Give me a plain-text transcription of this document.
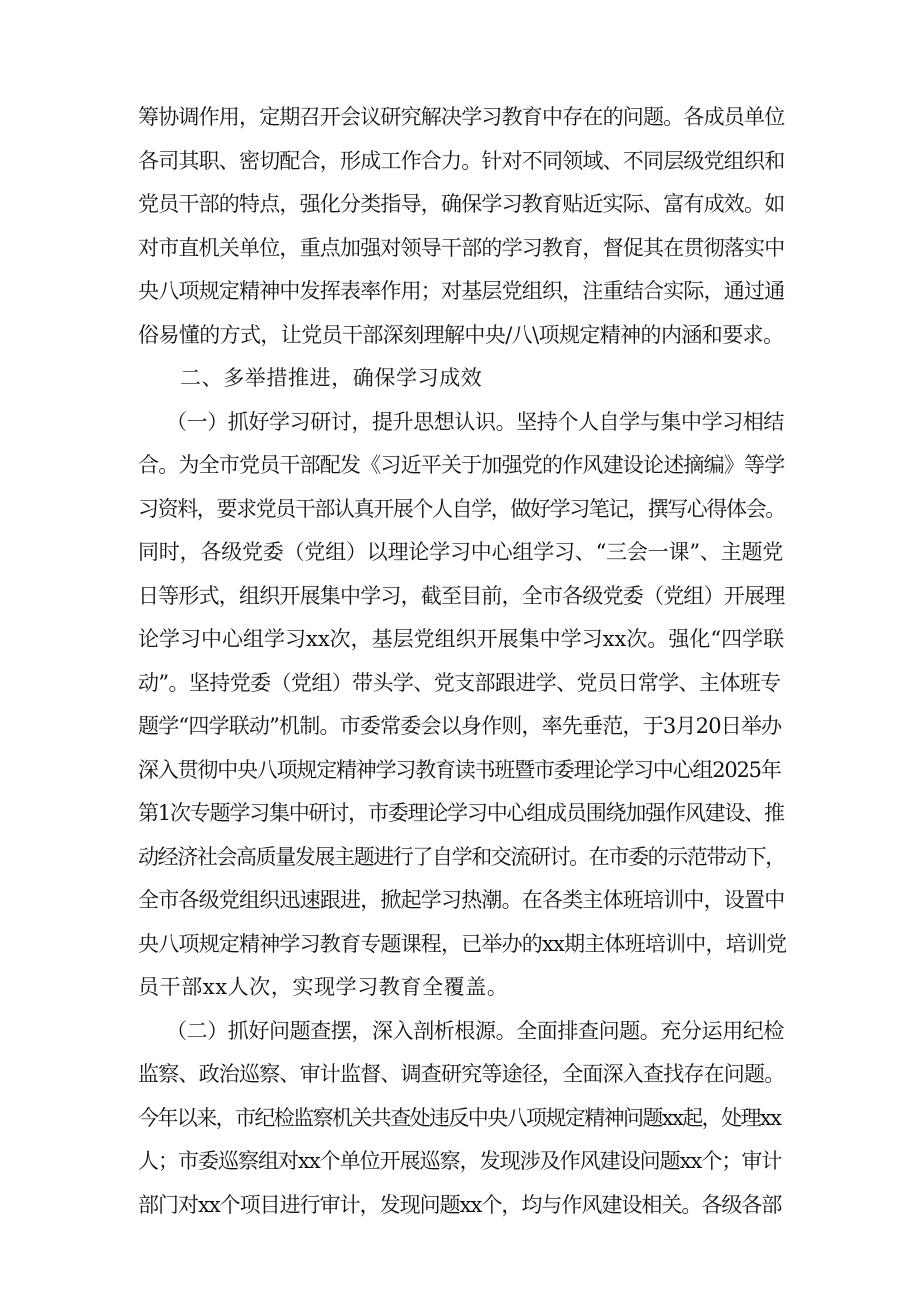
筹协调作用，定期召开会议研究解决学习教育中存在的问题。各成员单位

各司其职、密切配合，形成工作合力。针对不同领域、不同层级党组织和

党员干部的特点，强化分类指导，确保学习教育贴近实际、富有成效。如

对市直机关单位，重点加强对领导干部的学习教育，督促其在贯彻落实中

央八项规定精神中发挥表率作用；对基层党组织，注重结合实际，通过通

俗易懂的方式，让党员干部深刻理解中央/八\项规定精神的内涵和要求。

二、多举措推进，确保学习成效

（一）抓好学习研讨，提升思想认识。坚持个人自学与集中学习相结

合。为全市党员干部配发《习近平关于加强党的作风建设论述摘编》等学

习资料，要求党员干部认真开展个人自学，做好学习笔记，撰写心得体会。

同时，各级党委（党组）以理论学习中心组学习、“三会一课”、主题党

日等形式，组织开展集中学习，截至目前，全市各级党委（党组）开展理

论学习中心组学习xx次，基层党组织开展集中学习xx次。强化“四学联

动”。坚持党委（党组）带头学、党支部跟进学、党员日常学、主体班专

题学“四学联动”机制。市委常委会以身作则，率先垂范，于3月20日举办

深入贯彻中央八项规定精神学习教育读书班暨市委理论学习中心组2025年

第1次专题学习集中研讨，市委理论学习中心组成员围绕加强作风建设、推

动经济社会高质量发展主题进行了自学和交流研讨。在市委的示范带动下，

全市各级党组织迅速跟进，掀起学习热潮。在各类主体班培训中，设置中

央八项规定精神学习教育专题课程，已举办的xx期主体班培训中，培训党

员干部xx人次，实现学习教育全覆盖。

（二）抓好问题查摆，深入剖析根源。全面排查问题。充分运用纪检

监察、政治巡察、审计监督、调查研究等途径，全面深入查找存在问题。

今年以来，市纪检监察机关共查处违反中央八项规定精神问题xx起，处理xx

人；市委巡察组对xx个单位开展巡察，发现涉及作风建设问题xx个；审计

部门对xx个项目进行审计，发现问题xx个，均与作风建设相关。各级各部
